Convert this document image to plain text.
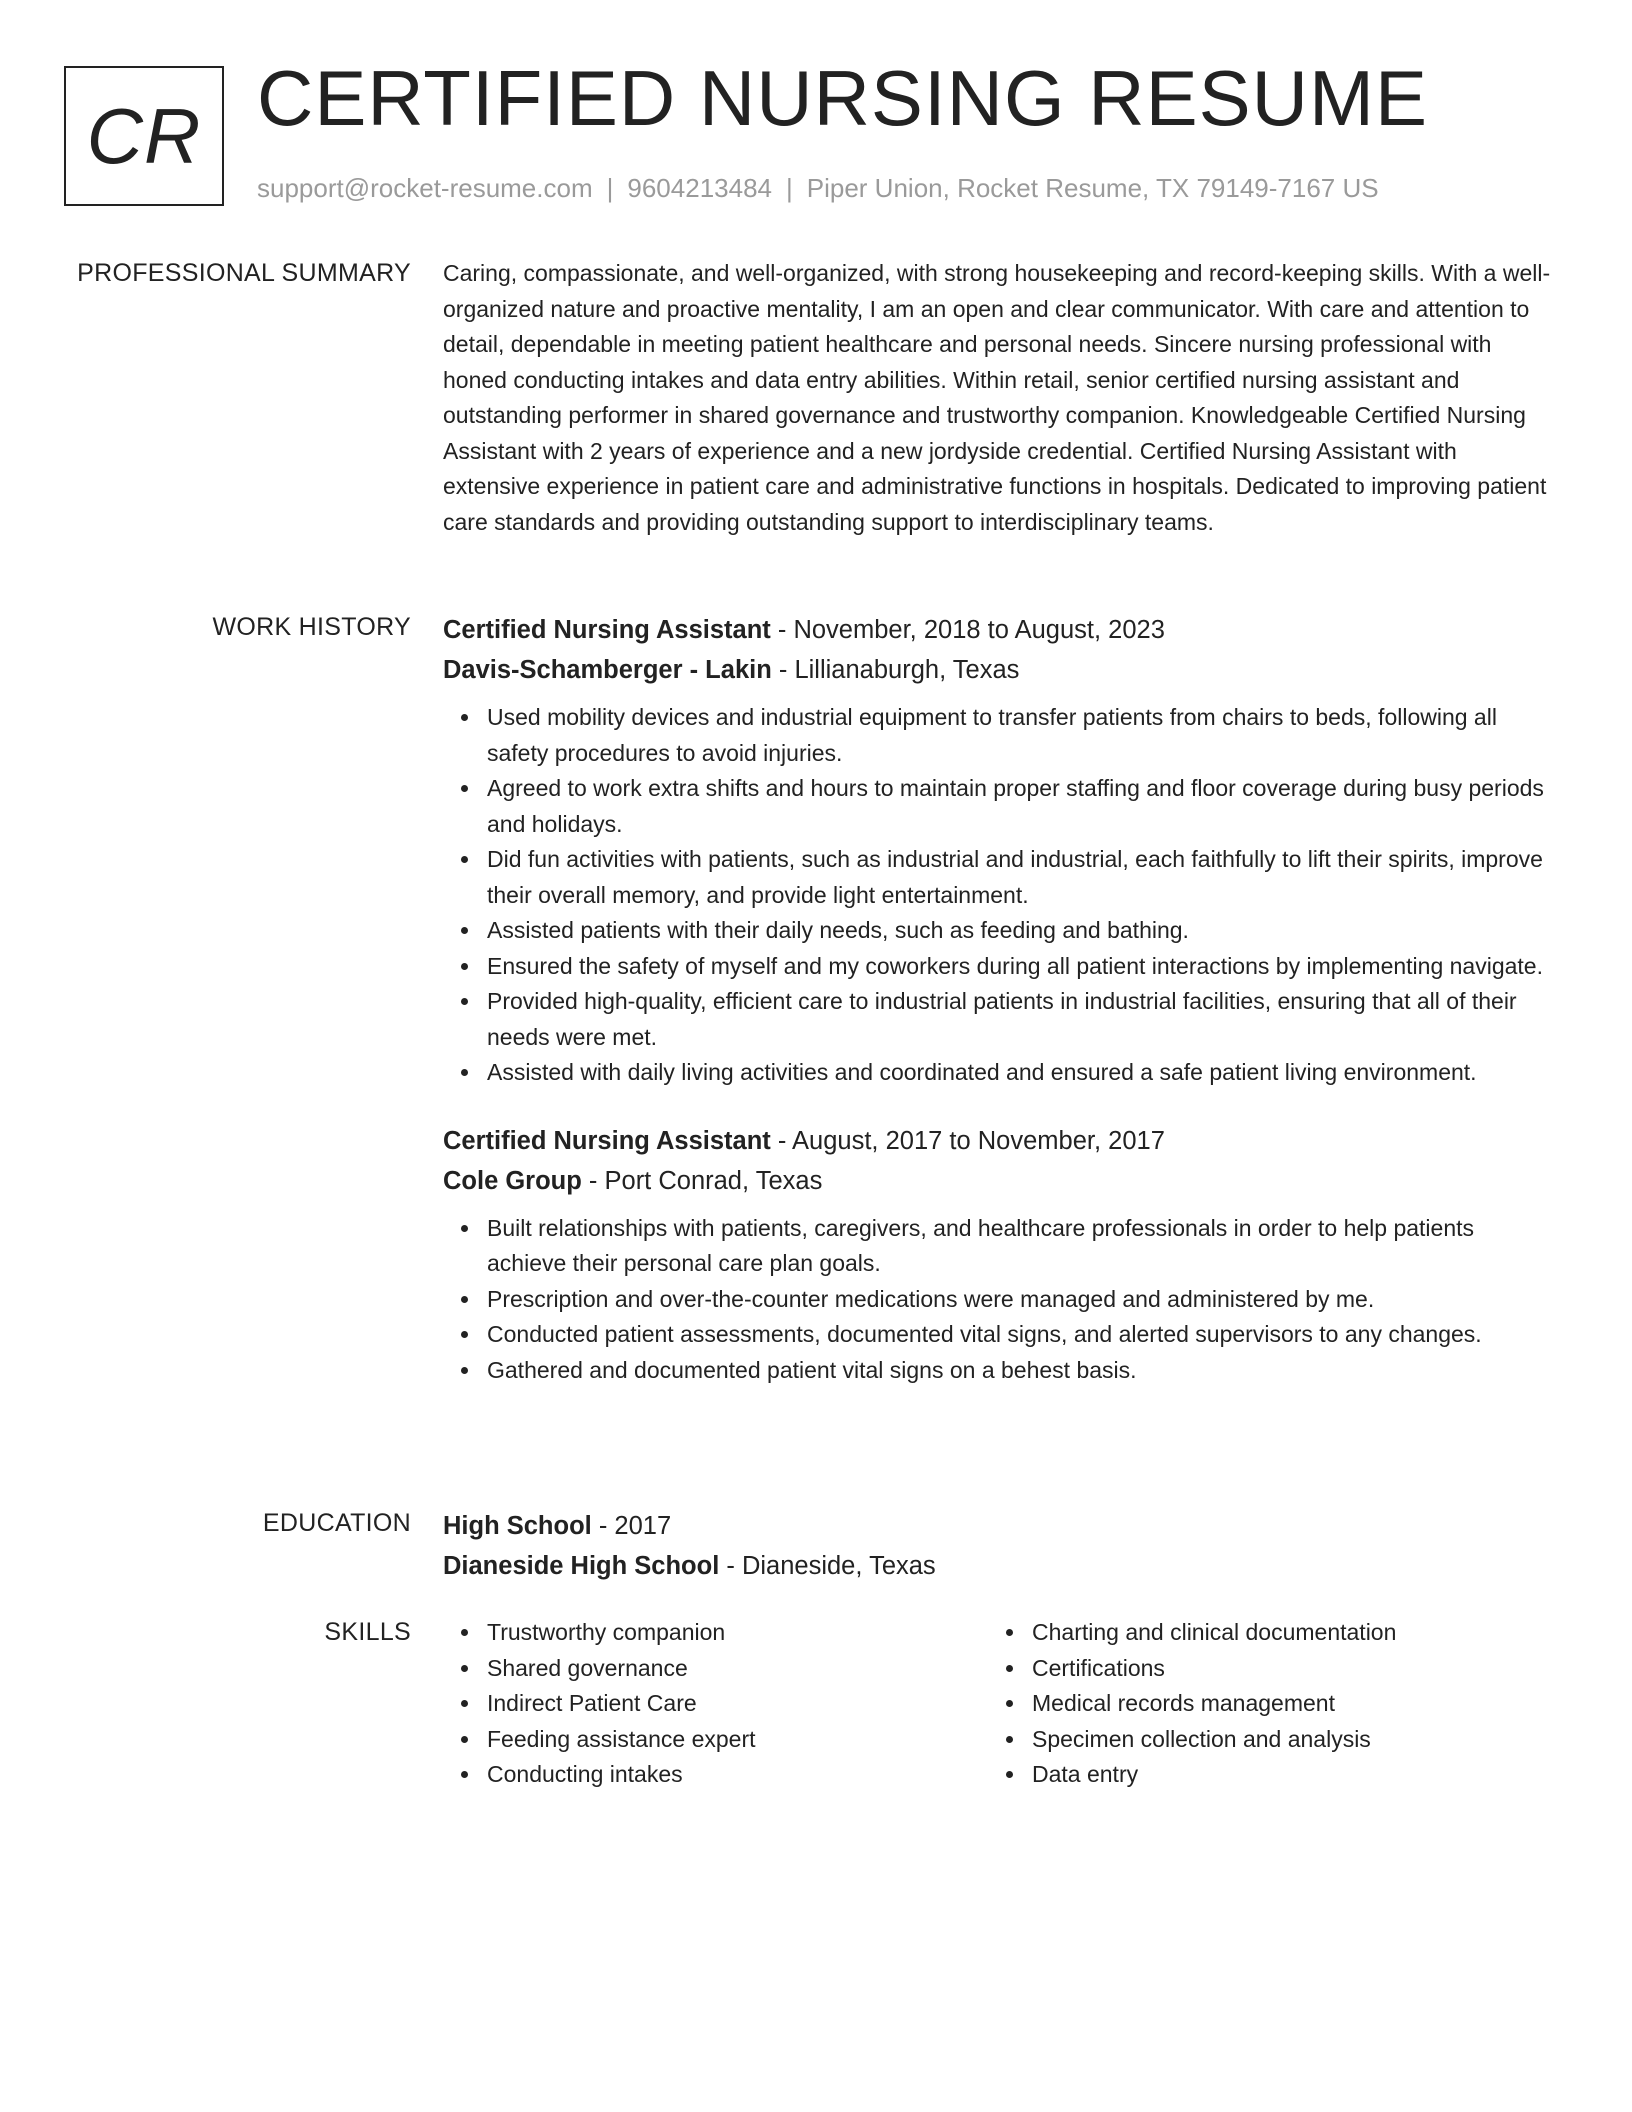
CR CERTIFIED NURSING RESUME
support@rocket-resume.com | 9604213484 | Piper Union, Rocket Resume, TX 79149-7167 US
PROFESSIONAL SUMMARY Caring, compassionate, and well-organized, with strong housekeeping and record-keeping skills. With a well-organized nature and proactive mentality, I am an open and clear communicator. With care and attention to detail, dependable in meeting patient healthcare and personal needs. Sincere nursing professional with honed conducting intakes and data entry abilities. Within retail, senior certified nursing assistant and outstanding performer in shared governance and trustworthy companion. Knowledgeable Certified Nursing Assistant with 2 years of experience and a new jordyside credential. Certified Nursing Assistant with extensive experience in patient care and administrative functions in hospitals. Dedicated to improving patient care standards and providing outstanding support to interdisciplinary teams.

WORK HISTORY Certified Nursing Assistant - November, 2018 to August, 2023
Davis-Schamberger - Lakin - Lillianaburgh, Texas
Used mobility devices and industrial equipment to transfer patients from chairs to beds, following all safety procedures to avoid injuries.
Agreed to work extra shifts and hours to maintain proper staffing and floor coverage during busy periods and holidays.
Did fun activities with patients, such as industrial and industrial, each faithfully to lift their spirits, improve their overall memory, and provide light entertainment.
Assisted patients with their daily needs, such as feeding and bathing.
Ensured the safety of myself and my coworkers during all patient interactions by implementing navigate.
Provided high-quality, efficient care to industrial patients in industrial facilities, ensuring that all of their needs were met.
Assisted with daily living activities and coordinated and ensured a safe patient living environment.
Certified Nursing Assistant - August, 2017 to November, 2017
Cole Group - Port Conrad, Texas
Built relationships with patients, caregivers, and healthcare professionals in order to help patients achieve their personal care plan goals.
Prescription and over-the-counter medications were managed and administered by me.
Conducted patient assessments, documented vital signs, and alerted supervisors to any changes.
Gathered and documented patient vital signs on a behest basis.
EDUCATION High School - 2017
Dianeside High School - Dianeside, Texas
SKILLS	Trustworthy companion
Shared governance
Indirect Patient Care
Feeding assistance expert
Conducting intakes
Charting and clinical documentation
Certifications
Medical records management
Specimen collection and analysis
Data entry
